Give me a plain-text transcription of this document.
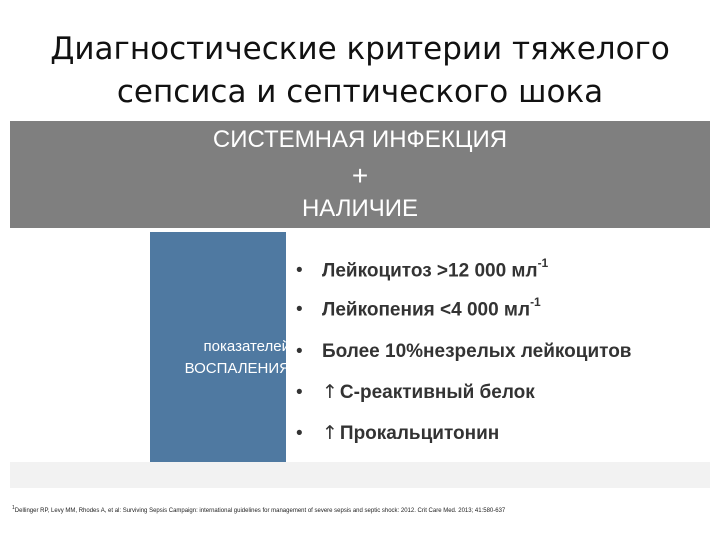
Диагностические критерии тяжелого
сепсиса и септического шока
СИСТЕМНАЯ ИНФЕКЦИЯ
+
НАЛИЧИЕ
показателей
ВОСПАЛЕНИЯ
• Лейкоцитоз >12 000 $мл^{-1}$
• Лейкопения <4 000 $мл^{-1}$
• Более 10%незрелых лейкоцитов
• ↑ С-реактивный белок
• ↑ Прокальцитонин
$^1$Dellinger RP, Levy MM, Rhodes A, et al: Surviving Sepsis Campaign: international guidelines for management of severe sepsis and septic shock: 2012. Crit Care Med. 2013; 41:580-637
